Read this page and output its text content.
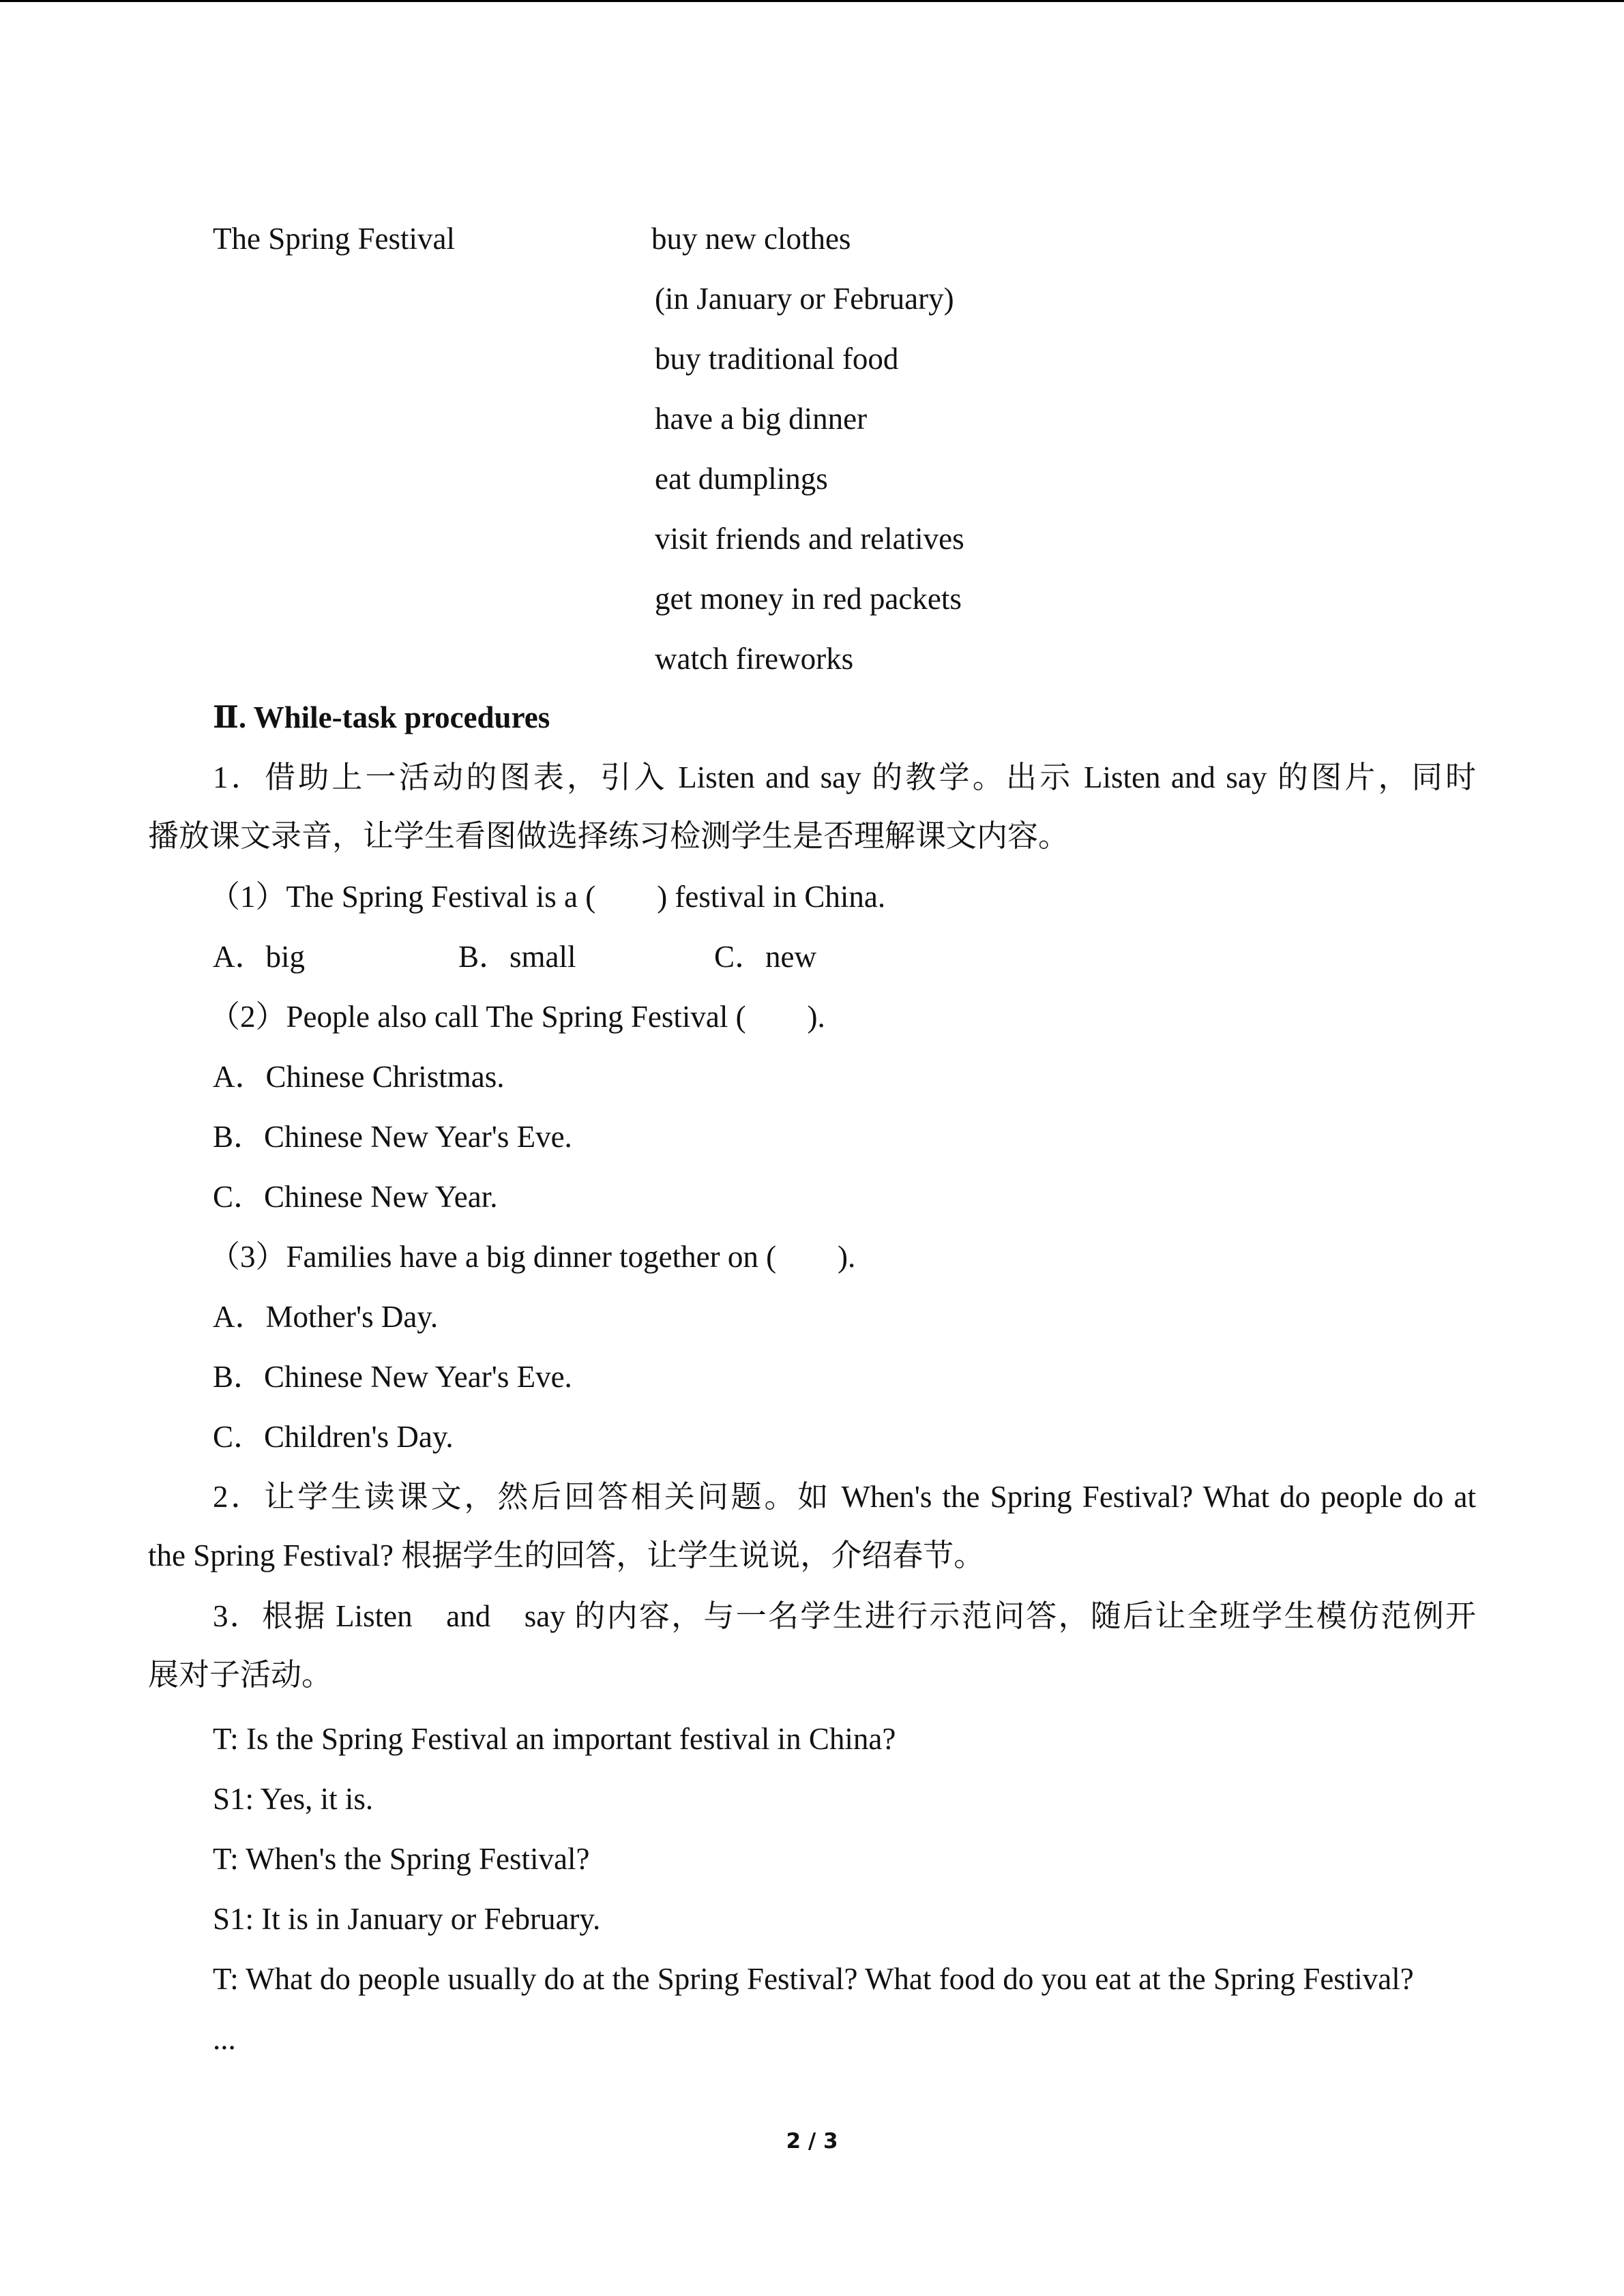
The Spring Festival	buy new clothes
(in January or February)
buy traditional food
have a big dinner
eat dumplings
visit friends and relatives
get money in red packets
watch fireworks
Ⅱ. While-task procedures
1．借助上一活动的图表，引入 Listen and say 的教学。出示 Listen and say 的图片，同时
播放课文录音，让学生看图做选择练习检测学生是否理解课文内容。
（1）The Spring Festival is a (　　) festival in China.
A．big	B．small	C．new
（2）People also call The Spring Festival (　　).
A．Chinese Christmas.
B．Chinese New Year's Eve.
C．Chinese New Year.
（3）Families have a big dinner together on (　　).
A．Mother's Day.
B．Chinese New Year's Eve.
C．Children's Day.
2．让学生读课文，然后回答相关问题。如 When's the Spring Festival? What do people do at
the Spring Festival? 根据学生的回答，让学生说说，介绍春节。
3．根据 Listen　and　say 的内容，与一名学生进行示范问答，随后让全班学生模仿范例开
展对子活动。
T: Is the Spring Festival an important festival in China?
S1: Yes, it is.
T: When's the Spring Festival?
S1: It is in January or February.
T: What do people usually do at the Spring Festival? What food do you eat at the Spring Festival?
...
2 / 3
